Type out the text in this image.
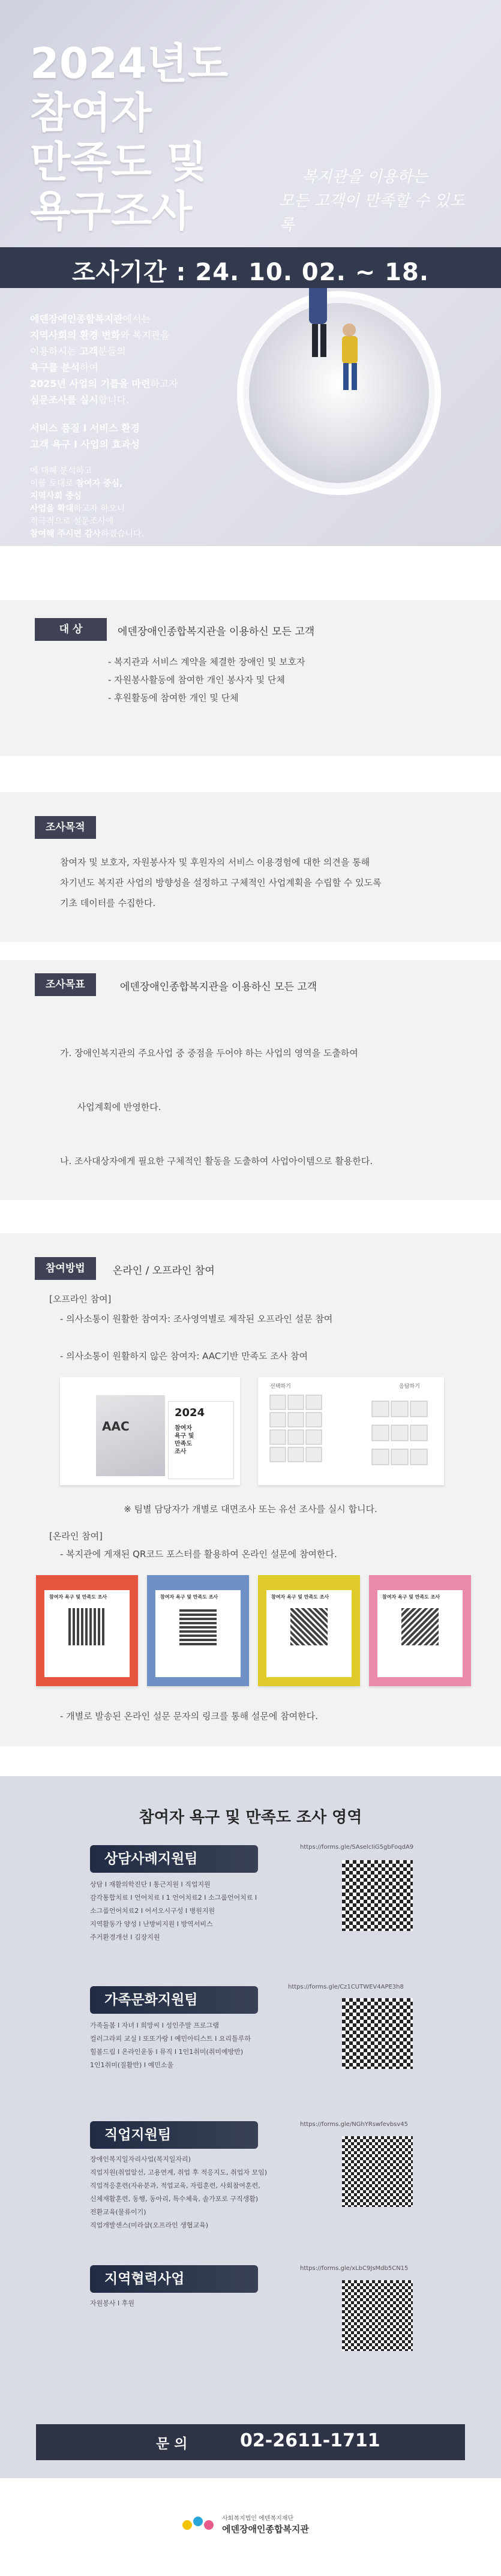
2024년도
참여자
만족도 및
욕구조사
복지관을 이용하는
모든 고객이 만족할 수 있도록
조사기간 : 24. 10. 02. ~ 18.
에덴장애인종합복지관에서는
지역사회의 환경 변화와 복지관을
이용하시는 고객분들의
욕구를 분석하여
2025년 사업의 기틀을 마련하고자
심문조사를 실시합니다.
서비스 품질 I 서비스 환경
고객 욕구 I 사업의 효과성
에 대해 분석하고
이를 토대로 참여자 중심,
지역사회 중심
사업을 확대하고자 하오니
적극적으로 설문조사에
참여해 주시면 감사하겠습니다.
대 상	에덴장애인종합복지관을 이용하신 모든 고객
- 복지관과 서비스 계약을 체결한 장애인 및 보호자
- 자원봉사활동에 참여한 개인 봉사자 및 단체
- 후원활동에 참여한 개인 및 단체
조사목적
참여자 및 보호자, 자원봉사자 및 후원자의 서비스 이용경험에 대한 의견을 통해
차기년도 복지관 사업의 방향성을 설정하고 구체적인 사업계획을 수립할 수 있도록
기초 데이터를 수집한다.
조사목표	에덴장애인종합복지관을 이용하신 모든 고객

가. 장애인복지관의 주요사업 중 중점을 두어야 하는 사업의 영역을 도출하여

사업계획에 반영한다.

나. 조사대상자에게 필요한 구체적인 활동을 도출하여 사업아이템으로 활용한다.

참여방법	온라인 / 오프라인 참여
[오프라인 참여]
- 의사소통이 원활한 참여자: 조사영역별로 제작된 오프라인 설문 참여
- 의사소통이 원활하지 않은 참여자: AAC기반 만족도 조사 참여
AAC
2024
참여자
욕구 및
만족도
조사
선택하기	응답하기
※ 팀별 담당자가 개별로 대면조사 또는 유선 조사를 실시 합니다.
[온라인 참여]
- 복지관에 게재된 QR코드 포스터를 활용하여 온라인 설문에 참여한다.
참여자 욕구 및 만족도 조사	참여자 욕구 및 만족도 조사	참여자 욕구 및 만족도 조사	참여자 욕구 및 만족도 조사
- 개별로 발송된 온라인 설문 문자의 링크를 통해 설문에 참여한다.
참여자 욕구 및 만족도 조사 영역
상담사례지원팀
https://forms.gle/SAselcIiG5gbFoqdA9
상담 I 재활의학진단 I 통근지원 I 직업지원
감각통합치료 I 언어치료 I 1 언어치료2 I 소그룹언어치료 I
소그룹언어치료2 I 어서오시구성 I 병원지원
지역활동가 양성 I 난방비지원 I 방역서비스
주거환경개선 I 김장지원
가족문화지원팀
https://forms.gle/Cz1CUTWEV4APE3h8
가족돌봄 I 자녀 I 희망씨 I 성인주말 프로그램
컬러그라피 교실 I 또또가랑 I 예민아티스트 I 요리틀루하
힐볼드림 I 온라인운동 I 뮤직 I 1인1취미(취미예방반)
1인1취미(질활반) I 예민소울
직업지원팀
https://forms.gle/NGhYRswfevbsv45
장애인복지일자리사업(복지일자리)
직업지원(취업알선, 고용연계, 취업 후 적응지도, 취업자 모임)
직업적응훈련(자유분과, 적업교육, 자립훈련, 사회참여훈련,
신체재활훈련, 동행, 동아리, 특수체육, 솔가포로 구직생활)
전환교육(물류이기)
직업개발센스(미라샵(오프라인 생협교육)
지역협력사업
https://forms.gle/xLbC9JsMdb5CN15
자원봉사 I 후원
문 의	02-2611-1711
사회복지법인 에덴복지재단
에덴장애인종합복지관
